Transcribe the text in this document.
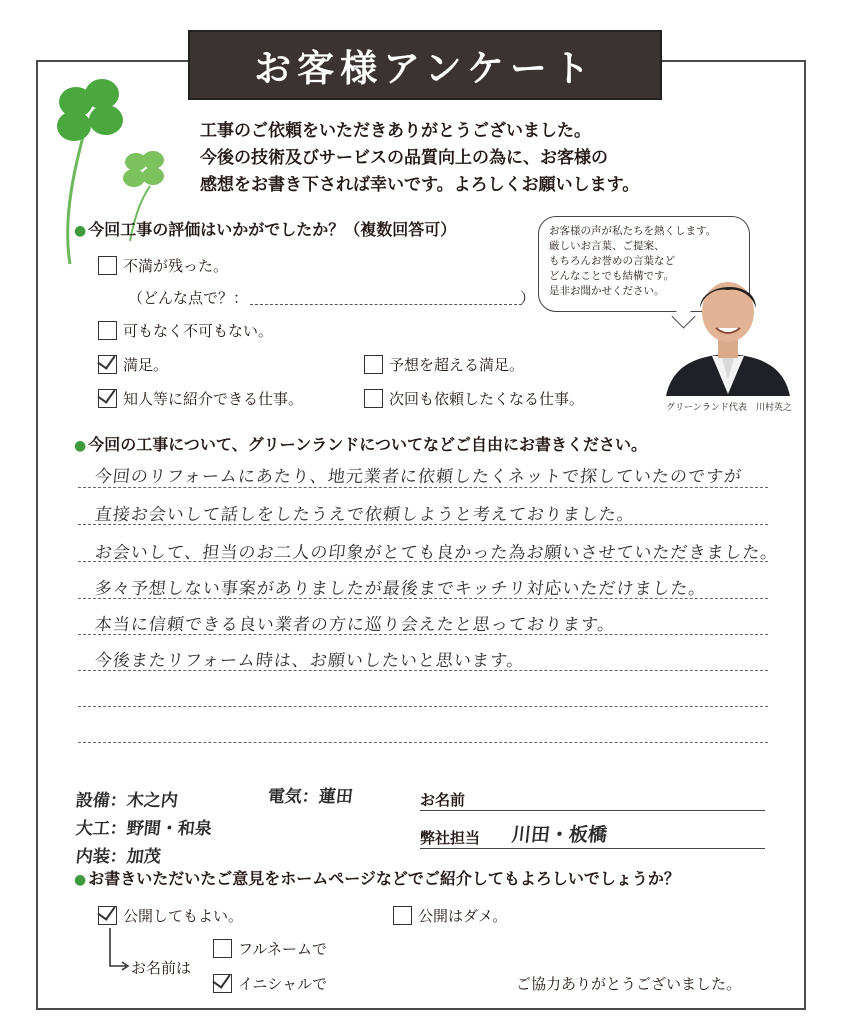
お客様アンケート
工事のご依頼をいただきありがとうございました。
今後の技術及びサービスの品質向上の為に、お客様の
感想をお書き下されば幸いです。よろしくお願いします。
● 今回工事の評価はいかがでしたか？（複数回答可）
不満が残った。
（どんな点で？：	）
可もなく不可もない。
満足。	予想を超える満足。
知人等に紹介できる仕事。	次回も依頼したくなる仕事。
お客様の声が私たちを熱くします。
厳しいお言葉、ご提案、
もちろんお誉めの言葉など
どんなことでも結構です。
是非お聞かせください。
グリーンランド代表　川村英之
● 今回の工事について、グリーンランドについてなどご自由にお書きください。
今回のリフォームにあたり、地元業者に依頼したくネットで探していたのですが
直接お会いして話しをしたうえで依頼しようと考えておりました。
お会いして、担当のお二人の印象がとても良かった為お願いさせていただきました。
多々予想しない事案がありましたが最後までキッチリ対応いただけました。
本当に信頼できる良い業者の方に巡り会えたと思っております。
今後またリフォーム時は、お願いしたいと思います。
設備：木之内	電気：蓮田
大工：野間・和泉
内装：加茂
お名前
弊社担当 川田・板橋
● お書きいただいたご意見をホームページなどでご紹介してもよろしいでしょうか？
公開してもよい。	公開はダメ。
お名前は
フルネームで
イニシャルで	ご協力ありがとうございました。
